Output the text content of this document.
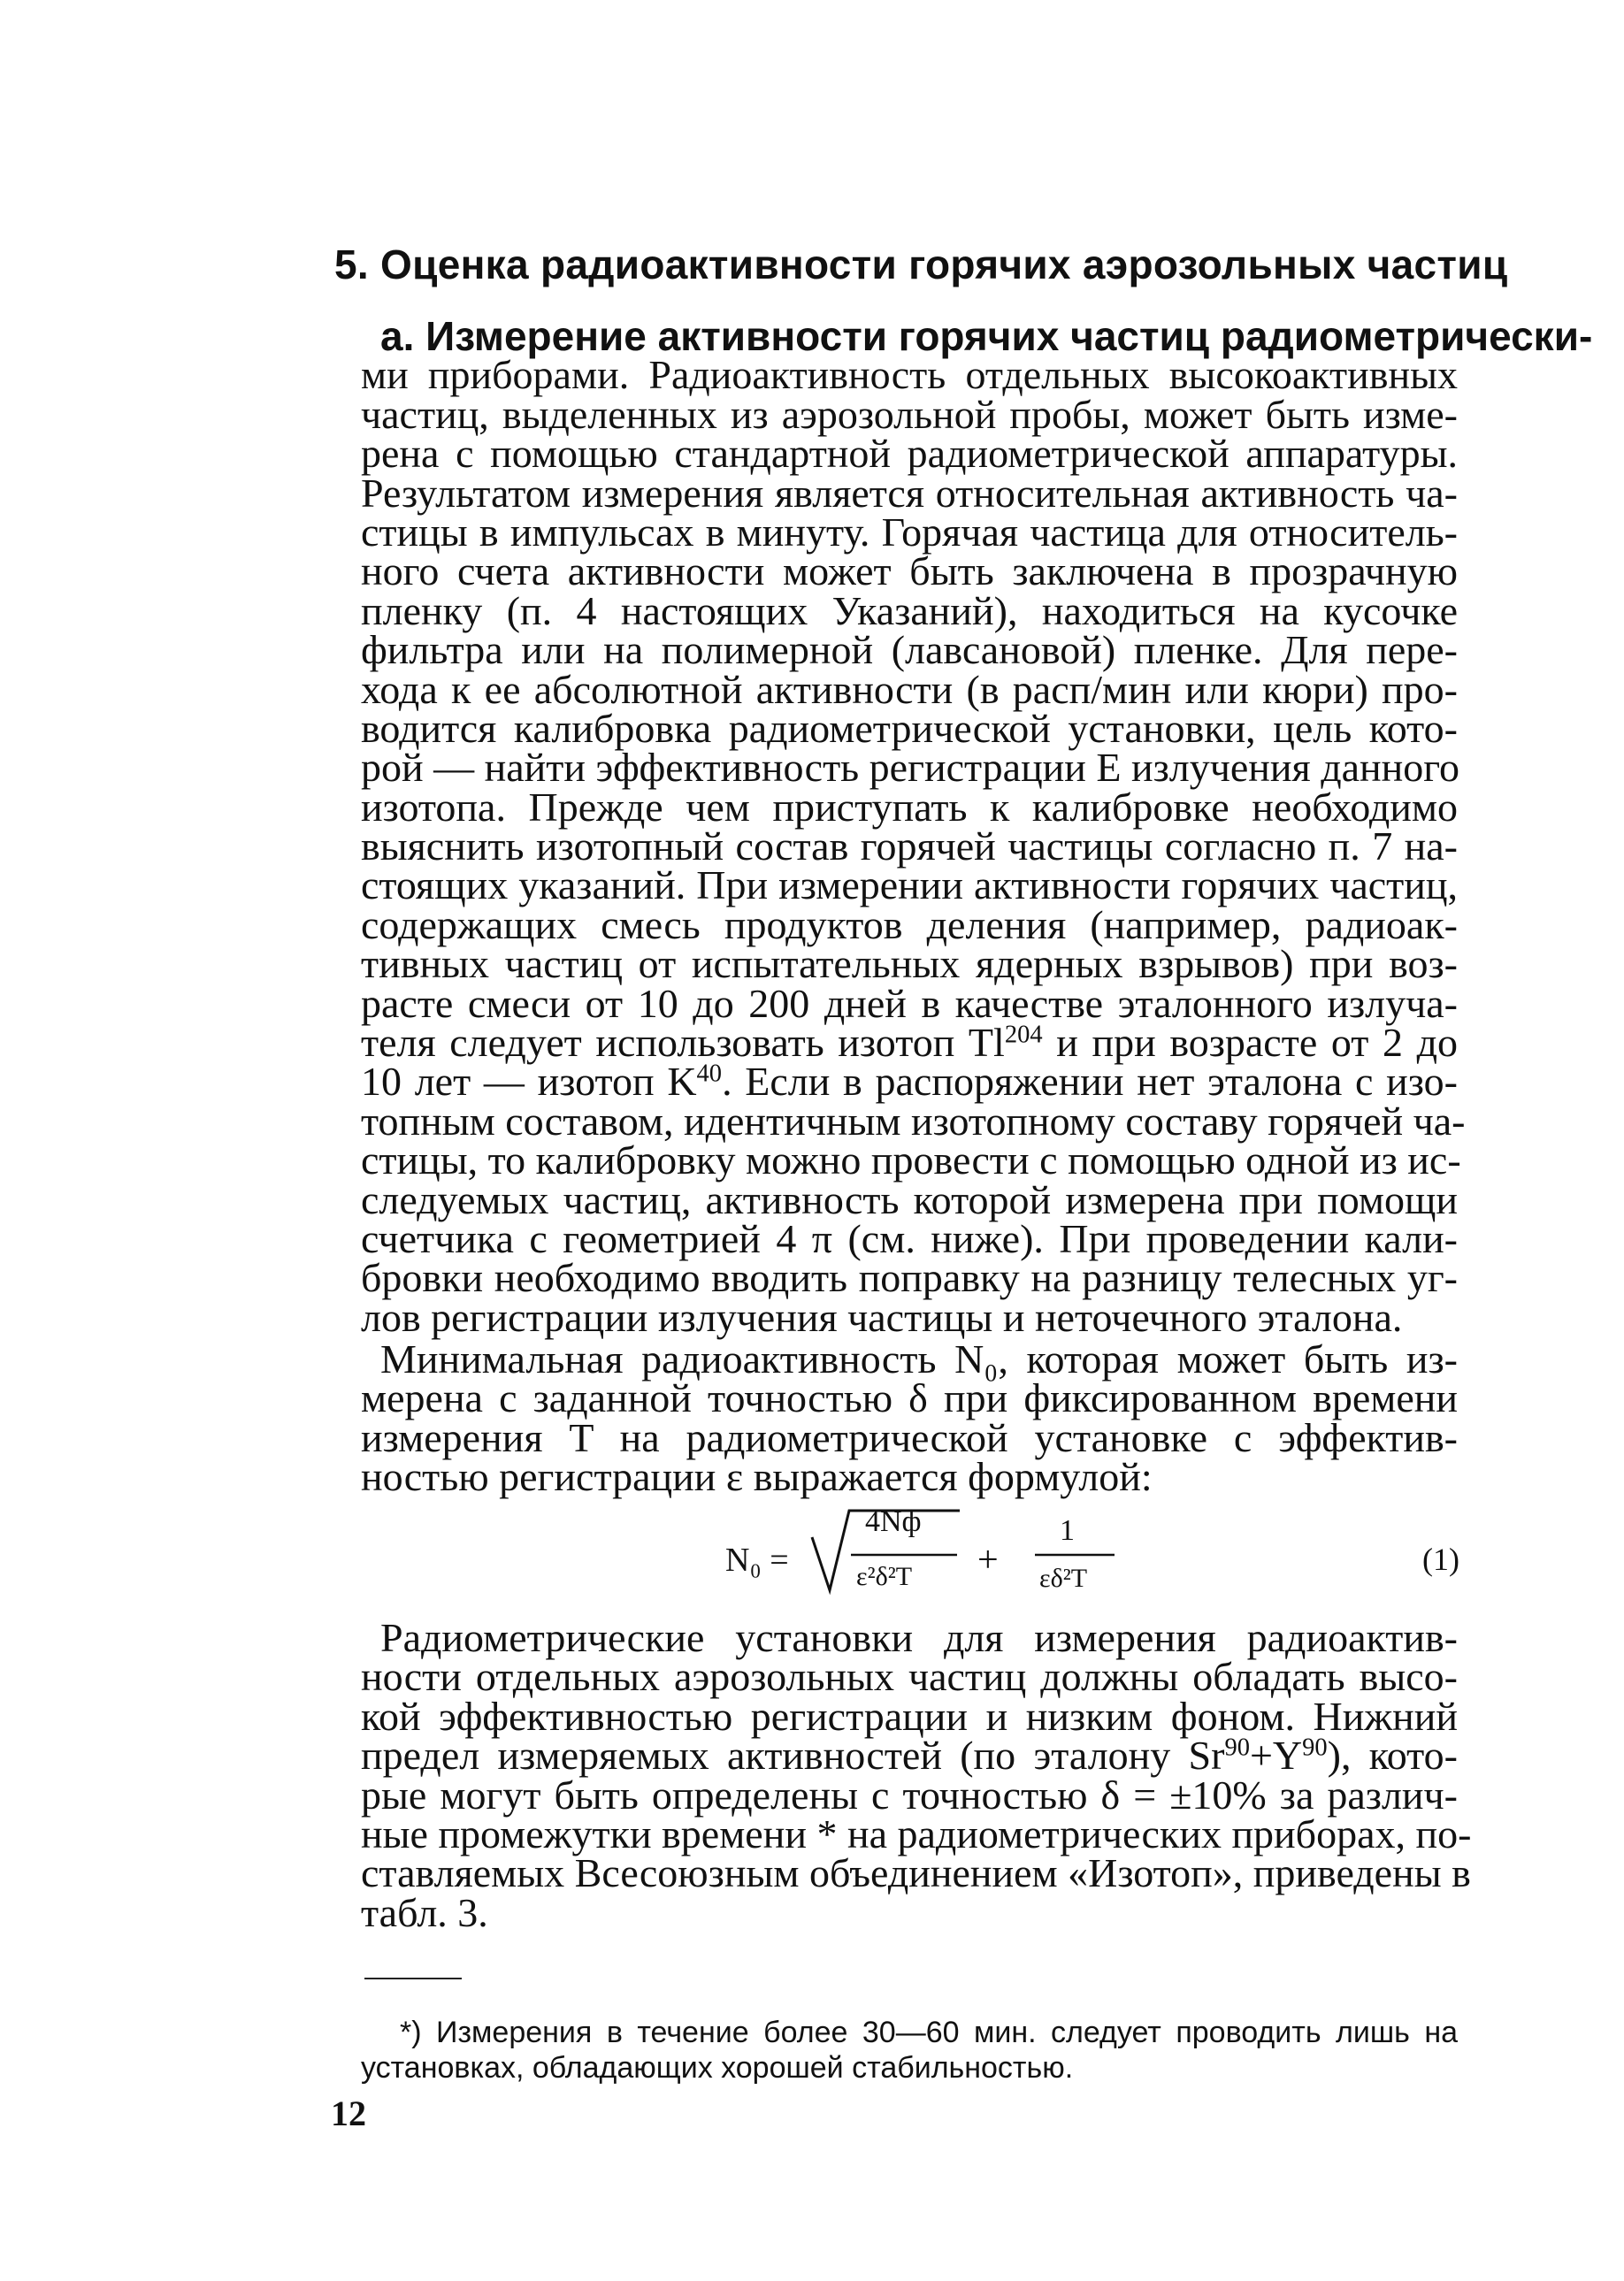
5. Оценка радиоактивности горячих аэрозольных частиц
а. Измерение активности горячих частиц радиометрически-
ми приборами. Радиоактивность отдельных высокоактивных
частиц, выделенных из аэрозольной пробы, может быть изме-
рена с помощью стандартной радиометрической аппаратуры.
Результатом измерения является относительная активность ча-
стицы в импульсах в минуту. Горячая частица для относитель-
ного счета активности может быть заключена в прозрачную
пленку (п. 4 настоящих Указаний), находиться на кусочке
фильтра или на полимерной (лавсановой) пленке. Для пере-
хода к ее абсолютной активности (в расп/мин или кюри) про-
водится калибровка радиометрической установки, цель кото-
рой — найти эффективность регистрации Е излучения данного
изотопа. Прежде чем приступать к калибровке необходимо
выяснить изотопный состав горячей частицы согласно п. 7 на-
стоящих указаний. При измерении активности горячих частиц,
содержащих смесь продуктов деления (например, радиоак-
тивных частиц от испытательных ядерных взрывов) при воз-
расте смеси от 10 до 200 дней в качестве эталонного излуча-
теля следует использовать изотоп Tl$^{204}$ и при возрасте от 2 до
10 лет — изотоп $K^{40}$. Если в распоряжении нет эталона с изо-
топным составом, идентичным изотопному составу горячей ча-
стицы, то калибровку можно провести с помощью одной из ис-
следуемых частиц, активность которой измерена при помощи
счетчика с геометрией 4 π (см. ниже). При проведении кали-
бровки необходимо вводить поправку на разницу телесных уг-
лов регистрации излучения частицы и неточечного эталона.
Минимальная радиоактивность N₀, которая может быть из-
мерена с заданной точностью δ при фиксированном времени
измерения T на радиометрической установке с эффектив-
ностью регистрации ε выражается формулой:
N₀ =
4Nф
ε²δ²T +
1
εδ²T
(1)
Радиометрические установки для измерения радиоактив-
ности отдельных аэрозольных частиц должны обладать высо-
кой эффективностью регистрации и низким фоном. Нижний
предел измеряемых активностей (по эталону $Sr^{90}+Y^{90}$), кото-
рые могут быть определены с точностью δ = ±10% за различ-
ные промежутки времени * на радиометрических приборах, по-
ставляемых Всесоюзным объединением «Изотоп», приведены в
табл. 3.
*) Измерения в течение более 30—60 мин. следует проводить лишь на
установках, обладающих хорошей стабильностью.
12
